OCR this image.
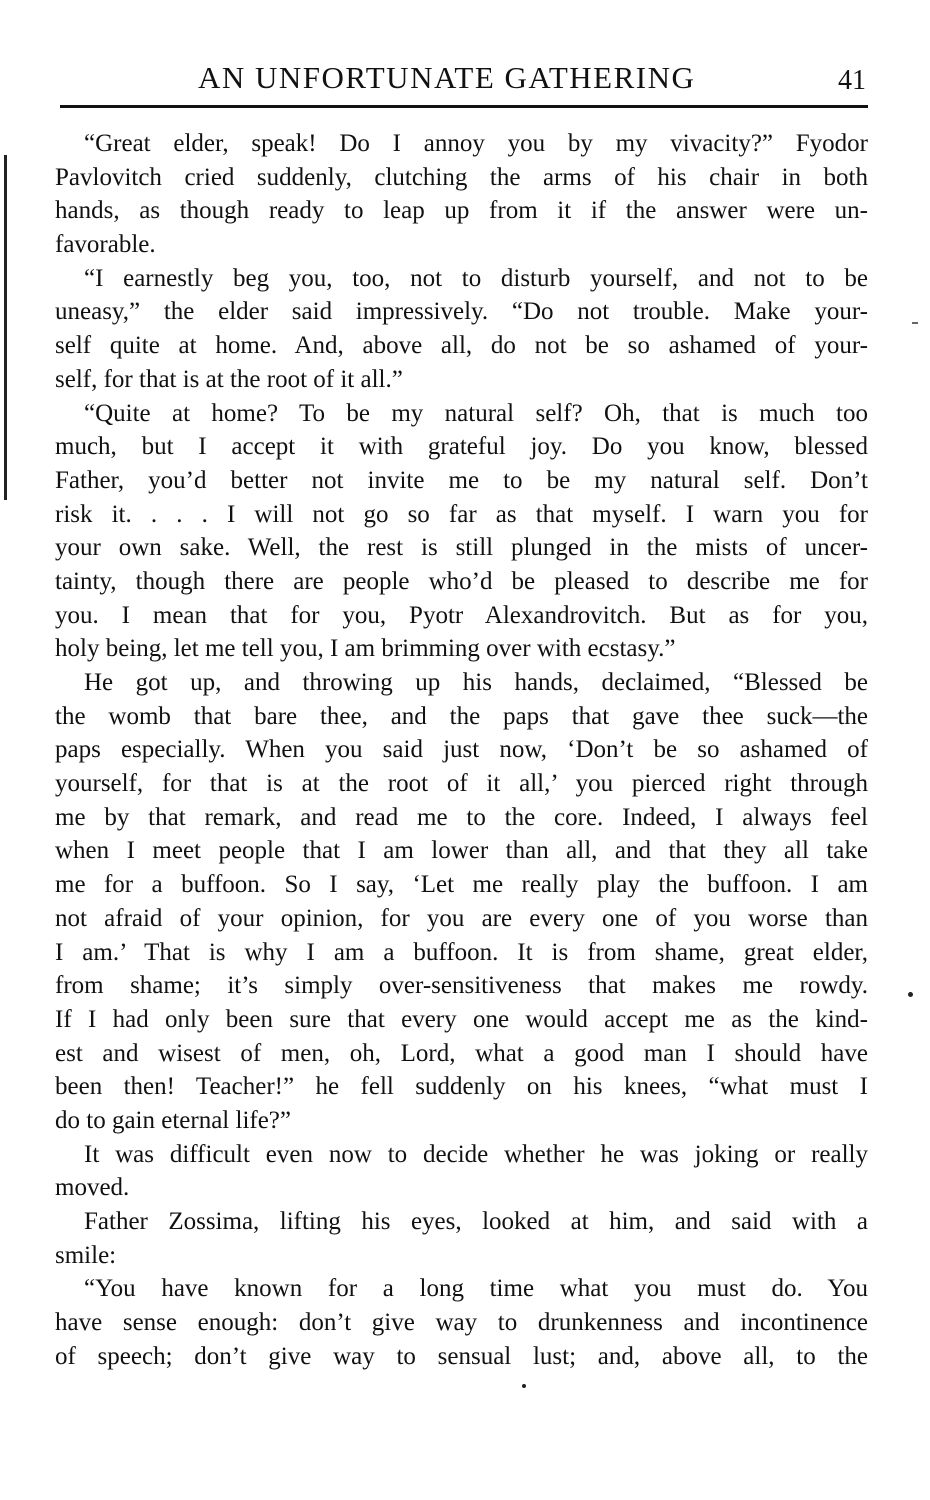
AN UNFORTUNATE GATHERING	41
“Great elder, speak! Do I annoy you by my vivacity?” Fyodor
Pavlovitch cried suddenly, clutching the arms of his chair in both
hands, as though ready to leap up from it if the answer were un-
favorable.
“I earnestly beg you, too, not to disturb yourself, and not to be
uneasy,” the elder said impressively. “Do not trouble. Make your-
self quite at home. And, above all, do not be so ashamed of your-
self, for that is at the root of it all.”
“Quite at home? To be my natural self? Oh, that is much too
much, but I accept it with grateful joy. Do you know, blessed
Father, you’d better not invite me to be my natural self. Don’t
risk it. . . . I will not go so far as that myself. I warn you for
your own sake. Well, the rest is still plunged in the mists of uncer-
tainty, though there are people who’d be pleased to describe me for
you. I mean that for you, Pyotr Alexandrovitch. But as for you,
holy being, let me tell you, I am brimming over with ecstasy.”
He got up, and throwing up his hands, declaimed, “Blessed be
the womb that bare thee, and the paps that gave thee suck—the
paps especially. When you said just now, ‘Don’t be so ashamed of
yourself, for that is at the root of it all,’ you pierced right through
me by that remark, and read me to the core. Indeed, I always feel
when I meet people that I am lower than all, and that they all take
me for a buffoon. So I say, ‘Let me really play the buffoon. I am
not afraid of your opinion, for you are every one of you worse than
I am.’ That is why I am a buffoon. It is from shame, great elder,
from shame; it’s simply over-sensitiveness that makes me rowdy.
If I had only been sure that every one would accept me as the kind-
est and wisest of men, oh, Lord, what a good man I should have
been then! Teacher!” he fell suddenly on his knees, “what must I
do to gain eternal life?”
It was difficult even now to decide whether he was joking or really
moved.
Father Zossima, lifting his eyes, looked at him, and said with a
smile:
“You have known for a long time what you must do. You
have sense enough: don’t give way to drunkenness and incontinence
of speech; don’t give way to sensual lust; and, above all, to the
